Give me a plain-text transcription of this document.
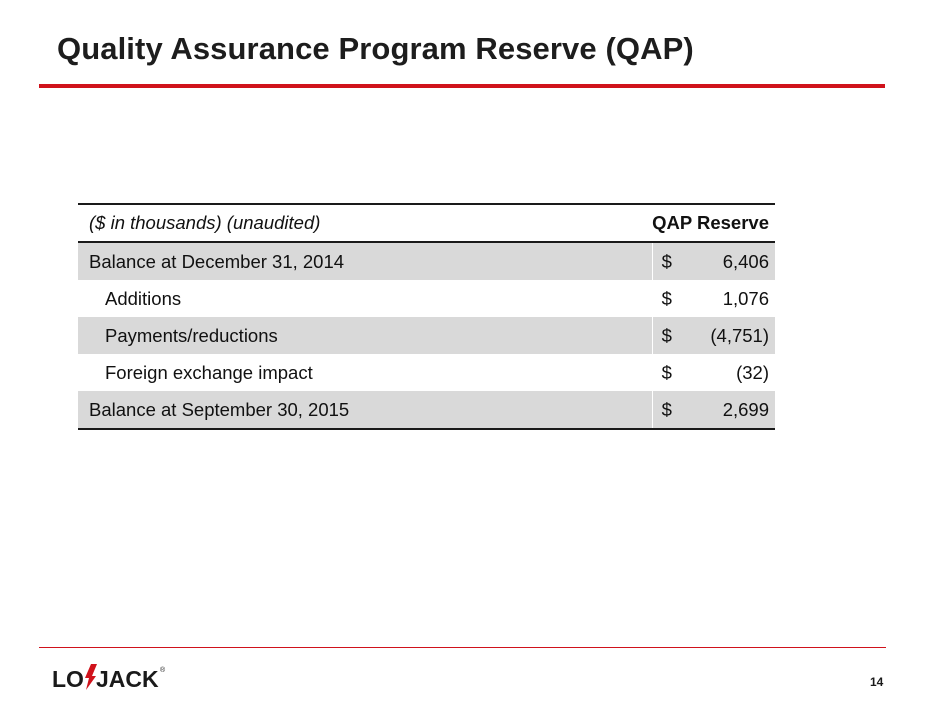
Quality Assurance Program Reserve (QAP)
($ in thousands) (unaudited)	QAP Reserve	
Balance at December 31, 2014	$	6,406
Additions	$	1,076
Payments/reductions	$	(4,751)
Foreign exchange impact	$	(32)
Balance at September 30, 2015	$	2,699
LO JACK ®
14
